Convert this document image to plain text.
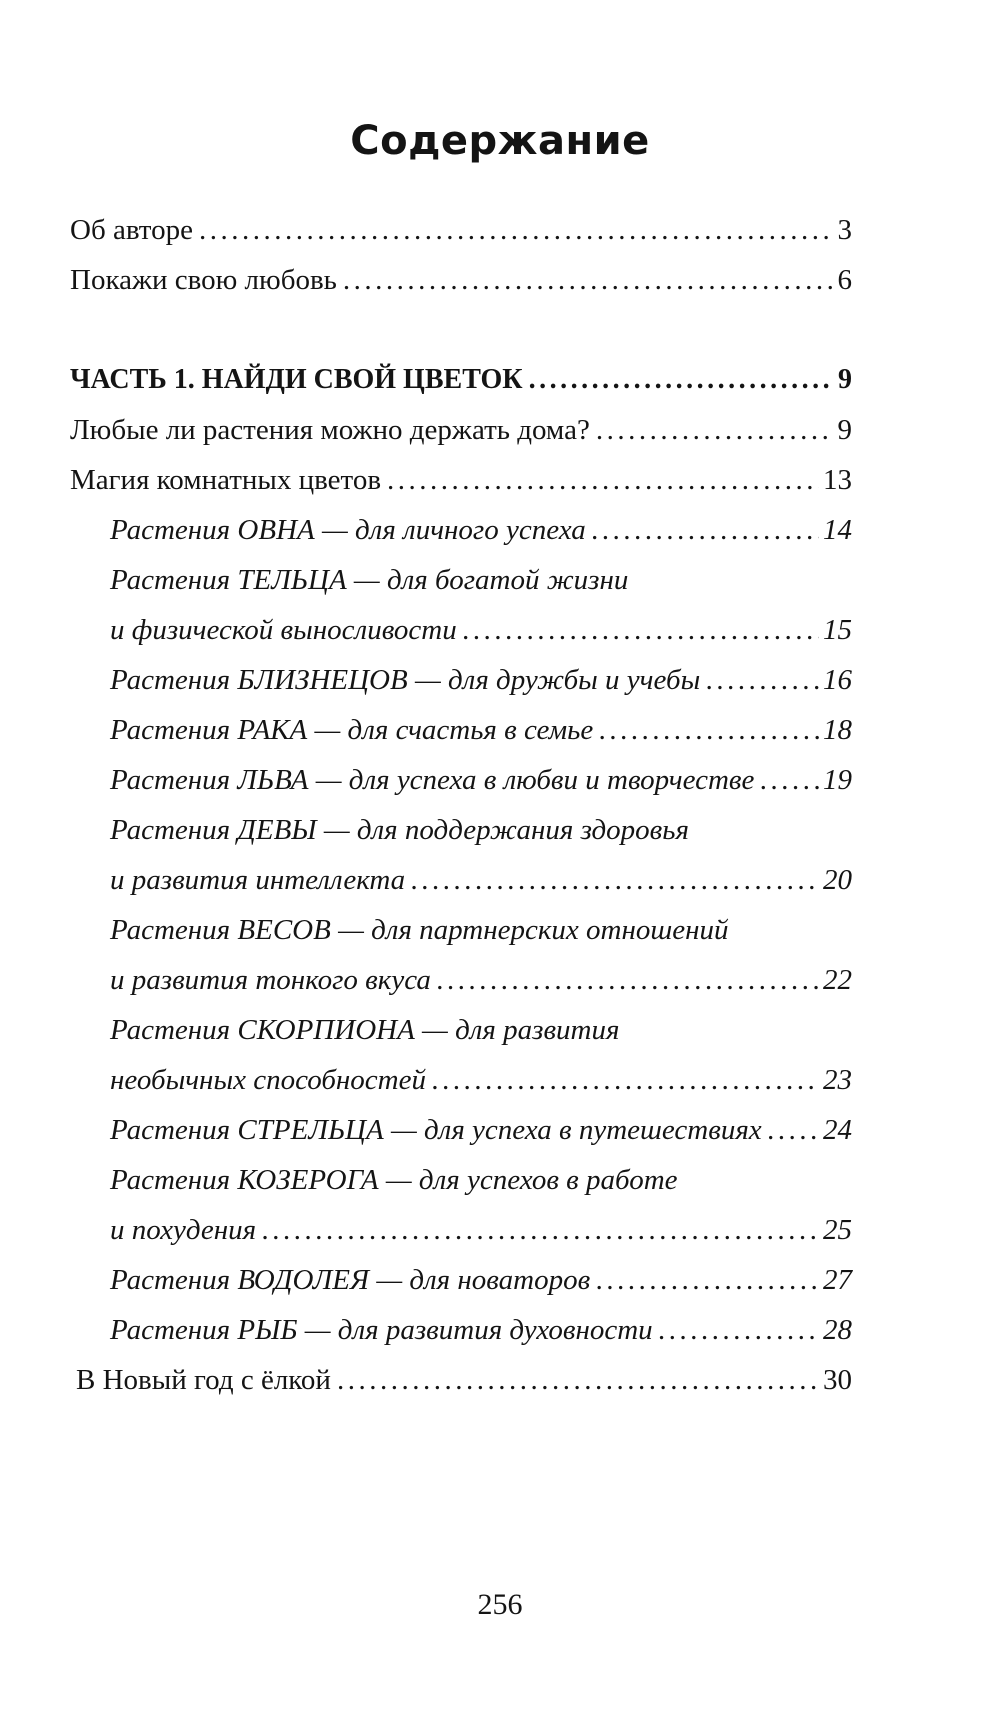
Содержание
Об авторе .....	3
Покажи свою любовь .....	6
ЧАСТЬ 1. НАЙДИ СВОЙ ЦВЕТОК .....	9
Любые ли растения можно держать дома? .....	9
Магия комнатных цветов .....	13
Растения ОВНА — для личного успеха .....	14
Растения ТЕЛЬЦА — для богатой жизни
и физической выносливости .....	15
Растения БЛИЗНЕЦОВ — для дружбы и учебы .....	16
Растения РАКА — для счастья в семье .....	18
Растения ЛЬВА — для успеха в любви и творчестве ..... 19
Растения ДЕВЫ — для поддержания здоровья
и развития интеллекта .....	20
Растения ВЕСОВ — для партнерских отношений
и развития тонкого вкуса .....	22
Растения СКОРПИОНА — для развития
необычных способностей .....	23
Растения СТРЕЛЬЦА — для успеха в путешествиях ..... 24
Растения КОЗЕРОГА — для успехов в работе
и похудения .....	25
Растения ВОДОЛЕЯ — для новаторов .....	27
Растения РЫБ — для развития духовности .....	28
В Новый год с ёлкой .....	30
256
